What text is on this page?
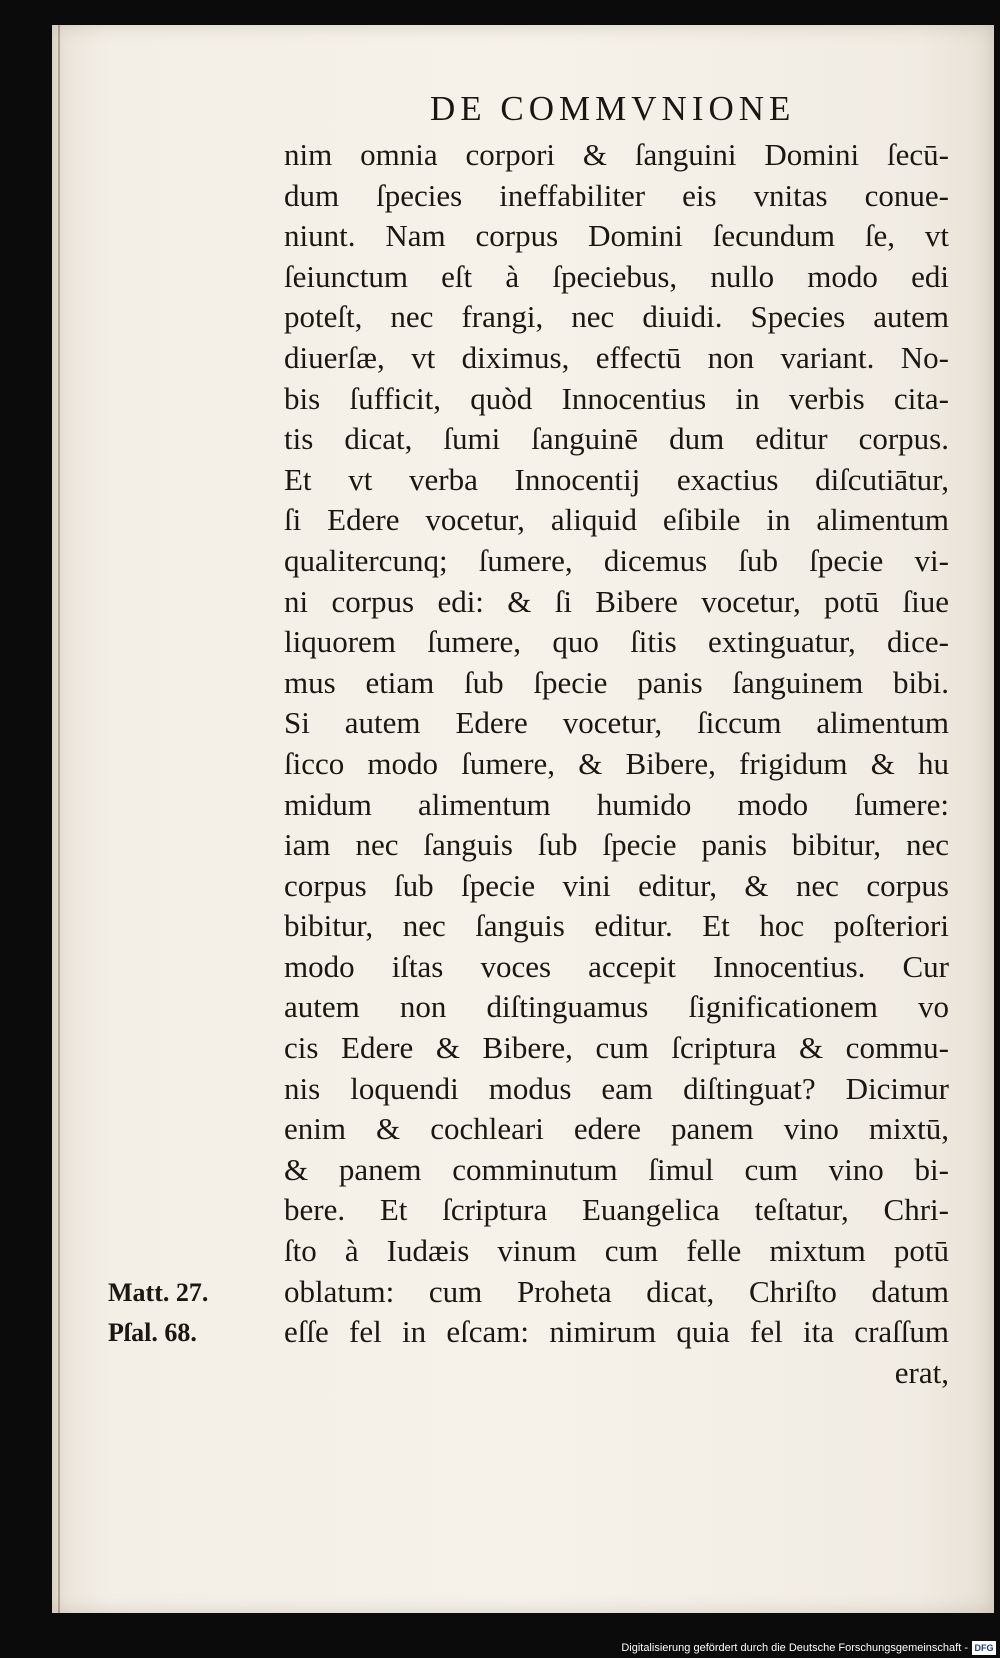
DE COMMVNIONE
nim omnia corpori & ſanguini Domini ſecū-
dum ſpecies ineffabiliter eis vnitas conue-
niunt. Nam corpus Domini ſecundum ſe, vt
ſeiunctum eſt à ſpeciebus, nullo modo edi
poteſt, nec frangi, nec diuidi. Species autem
diuerſæ, vt diximus, effectū non variant. No-
bis ſufficit, quòd Innocentius in verbis cita-
tis dicat, ſumi ſanguinē dum editur corpus.
Et vt verba Innocentij exactius diſcutiātur,
ſi Edere vocetur, aliquid eſibile in alimentum
qualitercunq; ſumere, dicemus ſub ſpecie vi-
ni corpus edi: & ſi Bibere vocetur, potū ſiue
liquorem ſumere, quo ſitis extinguatur, dice-
mus etiam ſub ſpecie panis ſanguinem bibi.
Si autem Edere vocetur, ſiccum alimentum
ſicco modo ſumere, & Bibere, frigidum & hu
midum alimentum humido modo ſumere:
iam nec ſanguis ſub ſpecie panis bibitur, nec
corpus ſub ſpecie vini editur, & nec corpus
bibitur, nec ſanguis editur. Et hoc poſteriori
modo iſtas voces accepit Innocentius. Cur
autem non diſtinguamus ſignificationem vo
cis Edere & Bibere, cum ſcriptura & commu-
nis loquendi modus eam diſtinguat? Dicimur
enim & cochleari edere panem vino mixtū,
& panem comminutum ſimul cum vino bi-
bere. Et ſcriptura Euangelica teſtatur, Chri-
ſto à Iudæis vinum cum felle mixtum potū
oblatum: cum Proheta dicat, Chriſto datum
eſſe fel in eſcam: nimirum quia fel ita craſſum
erat,
Matt. 27.
Pſal. 68.
Digitalisierung gefördert durch die Deutsche Forschungsgemeinschaft - DFG
